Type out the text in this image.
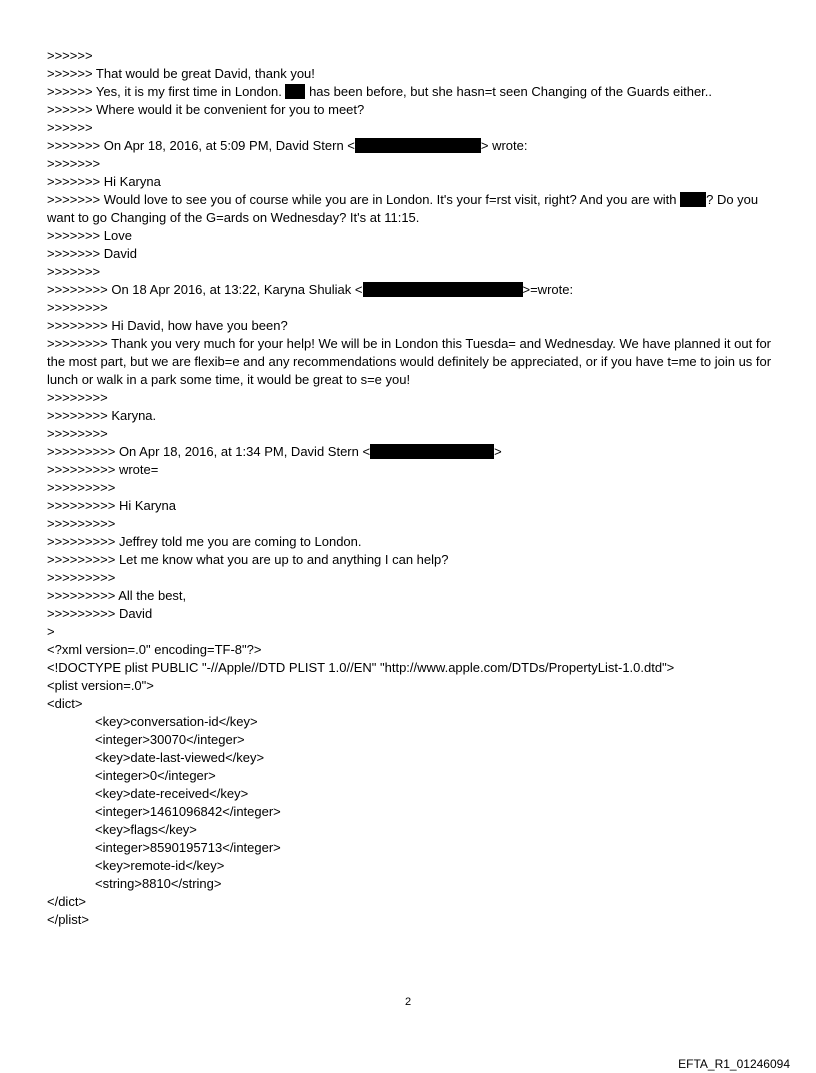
>>>>>>

>>>>>> That would be great David, thank you!

>>>>>> Yes, it is my first time in London.  has been before, but she hasn=t seen Changing of the Guards either..

>>>>>> Where would it be convenient for you to meet?

>>>>>>

>>>>>>> On Apr 18, 2016, at 5:09 PM, David Stern <	> wrote:

>>>>>>>

>>>>>>> Hi Karyna

>>>>>>> Would love to see you of course while you are in London. It's your f=rst visit, right? And you are with ? Do you want to go Changing of the G=ards on Wednesday? It's at 11:15.

>>>>>>> Love

>>>>>>> David

>>>>>>>

>>>>>>>> On 18 Apr 2016, at 13:22, Karyna Shuliak <	>=wrote:

>>>>>>>>

>>>>>>>> Hi David, how have you been?

>>>>>>>> Thank you very much for your help! We will be in London this Tuesda= and Wednesday. We have planned it out for the most part, but we are flexib=e and any recommendations would definitely be appreciated, or if you have t=me to join us for lunch or walk in a park some time, it would be great to s=e you!

>>>>>>>>

>>>>>>>> Karyna.

>>>>>>>>

>>>>>>>>> On Apr 18, 2016, at 1:34 PM, David Stern <	>

>>>>>>>>> wrote=

>>>>>>>>>

>>>>>>>>> Hi Karyna

>>>>>>>>>

>>>>>>>>> Jeffrey told me you are coming to London.

>>>>>>>>> Let me know what you are up to and anything I can help?

>>>>>>>>>

>>>>>>>>> All the best,

>>>>>>>>> David

>

<?xml version=.0" encoding=TF-8"?>

<!DOCTYPE plist PUBLIC "-//Apple//DTD PLIST 1.0//EN" "http://www.apple.com/DTDs/PropertyList-1.0.dtd">

<plist version=.0">

<dict>

<key>conversation-id</key>

<integer>30070</integer>

<key>date-last-viewed</key>

<integer>0</integer>

<key>date-received</key>

<integer>1461096842</integer>

<key>flags</key>

<integer>8590195713</integer>

<key>remote-id</key>

<string>8810</string>

</dict>

</plist>

2
EFTA_R1_01246094
